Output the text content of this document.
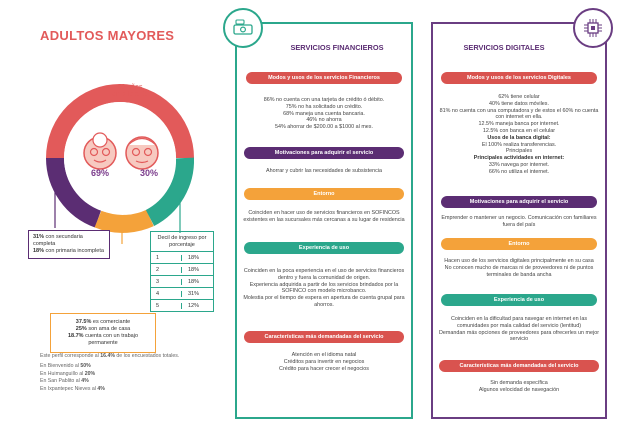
ADULTOS MAYORES
60 años
en adelante
69%	30%
31% con secundaria completa
18% con primaria incompleta
37.5% es comerciante
25% son ama de casa
18.7% cuenta con un trabajo permanente
Decil de ingreso por porcentaje
1	18%
2	18%
3	18%
4	31%
5	12%
Este perfil corresponde al 16.4% de los encuestados totales.
En Bienvenido al 50%
En Huimanguillo al 20%
En San Pablito al 4%
En Ixpantepec Nieves al 4%
SERVICIOS FINANCIEROS
Modos y usos de los servicios Financieros
86% no cuenta con una tarjeta de crédito ó débito.
75% no ha solicitado un crédito.
68% maneja una cuenta bancaria.
46% no ahorra
54% ahorrar de $200.00 a $1000 al mes.
Motivaciones para adquirir el servicio
Ahorrar y cubrir las necesidades de subsistencia
Entorno
Coinciden en hacer uso de servicios financieros en SOFINCOS existentes en las sucursales más cercanas a su lugar de residencia
Experiencia de uso
Coinciden en la poca experiencia en el uso de servicios financieros dentro y fuera la comunidad de origen.
Experiencia adquirida a partir de los servicios brindados por la SOFINCO con modelo microbanco.
Molestia por el tiempo de espera en apertura de cuenta grupal para ahorros.
Características más demandadas del servicio
Atención en el idioma natal
Créditos para invertir en negocios
Crédito para hacer crecer el negocios
SERVICIOS DIGITALES
Modos y usos de los servicios Digitales
62% tiene celular
40% tiene datos móviles.
81% no cuenta con una computadora y de estos el 60% no cuenta con internet en ella.
12.5% maneja banca por internet.
12.5% con banca en el celular
Usos de la banca digital:
El 100% realiza transferencias.
Principales
Principales actividades en internet:
33% navega por internet.
66% no utiliza el internet.
Motivaciones para adquirir el servicio
Emprender o mantener un negocio. Comunicación con familiares fuera del país
Entorno
Hacen uso de los servicios digitales principalmente en su casa
No conocen mucho de marcas ni de proveedores ni de puntos terminales de banda ancha
Experiencia de uso
Coinciden en la dificultad para navegar en internet en las comunidades por mala calidad del servicio (lentitud)
Demandan más opciones de proveedores para ofrecerles un mejor servicio
Características más demandadas del servicio
Sin demanda específica
Algunos velocidad de navegación
